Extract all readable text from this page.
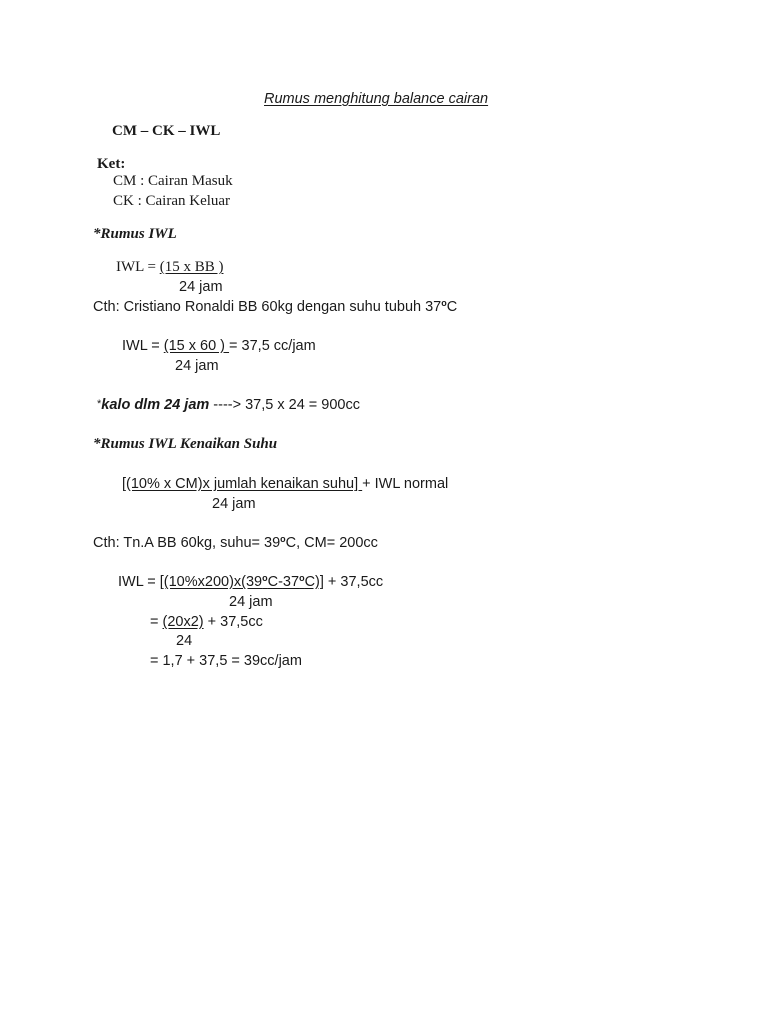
Rumus menghitung balance cairan

CM – CK – IWL

Ket:

CM : Cairan Masuk

CK : Cairan Keluar

*Rumus IWL

IWL = (15 x BB )

24 jam

Cth: Cristiano Ronaldi BB 60kg dengan suhu tubuh 37$^o$C

IWL = (15 x 60 ) = 37,5 cc/jam

24 jam

*kalo dlm 24 jam ----> 37,5 x 24 = 900cc

*Rumus IWL Kenaikan Suhu

[(10% x CM)x jumlah kenaikan suhu] + IWL normal

24 jam

Cth: Tn.A BB 60kg, suhu= $39^oC$, CM= 200cc

IWL = $[(10\%x200)x(39^oC-37^oC)] + 37,5cc$

24 jam

= (20x2) + 37,5cc

24

= 1,7 + 37,5 = 39cc/jam
